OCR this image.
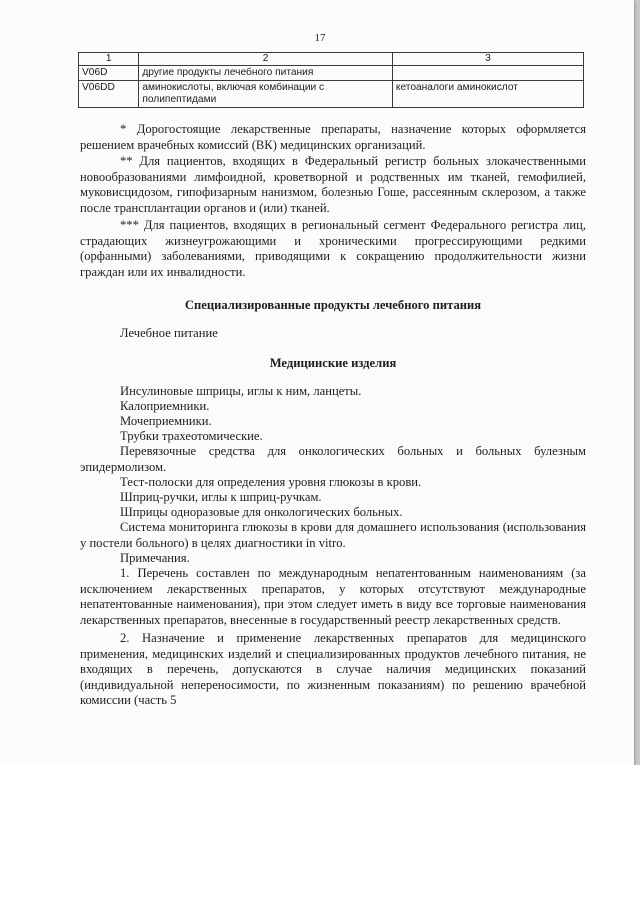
17
1	2	3
V06D	другие продукты лечебного питания	
V06DD	аминокислоты, включая комбинации с полипептидами	кетоаналоги аминокислот
* Дорогостоящие лекарственные препараты, назначение которых оформляется решением врачебных комиссий (ВК) медицинских организаций.
** Для пациентов, входящих в Федеральный регистр больных злокачественными новообразованиями лимфоидной, кроветворной и родственных им тканей, гемофилией, муковисцидозом, гипофизарным нанизмом, болезнью Гоше, рассеянным склерозом, а также после трансплантации органов и (или) тканей.
*** Для пациентов, входящих в региональный сегмент Федерального регистра лиц, страдающих жизнеугрожающими и хроническими прогрессирующими редкими (орфанными) заболеваниями, приводящими к сокращению продолжительности жизни граждан или их инвалидности.
Специализированные продукты лечебного питания
Лечебное питание
Медицинские изделия
Инсулиновые шприцы, иглы к ним, ланцеты.
Калоприемники.
Мочеприемники.
Трубки трахеотомические.
Перевязочные средства для онкологических больных и больных булезным эпидермолизом.
Тест-полоски для определения уровня глюкозы в крови.
Шприц-ручки, иглы к шприц-ручкам.
Шприцы одноразовые для онкологических больных.
Система мониторинга глюкозы в крови для домашнего использования (использования у постели больного) в целях диагностики in vitro.
Примечания.
1. Перечень составлен по международным непатентованным наименованиям (за исключением лекарственных препаратов, у которых отсутствуют международные непатентованные наименования), при этом следует иметь в виду все торговые наименования лекарственных препаратов, внесенные в государственный реестр лекарственных средств.
2. Назначение и применение лекарственных препаратов для медицинского применения, медицинских изделий и специализированных продуктов лечебного питания, не входящих в перечень, допускаются в случае наличия медицинских показаний (индивидуальной непереносимости, по жизненным показаниям) по решению врачебной комиссии (часть 5
